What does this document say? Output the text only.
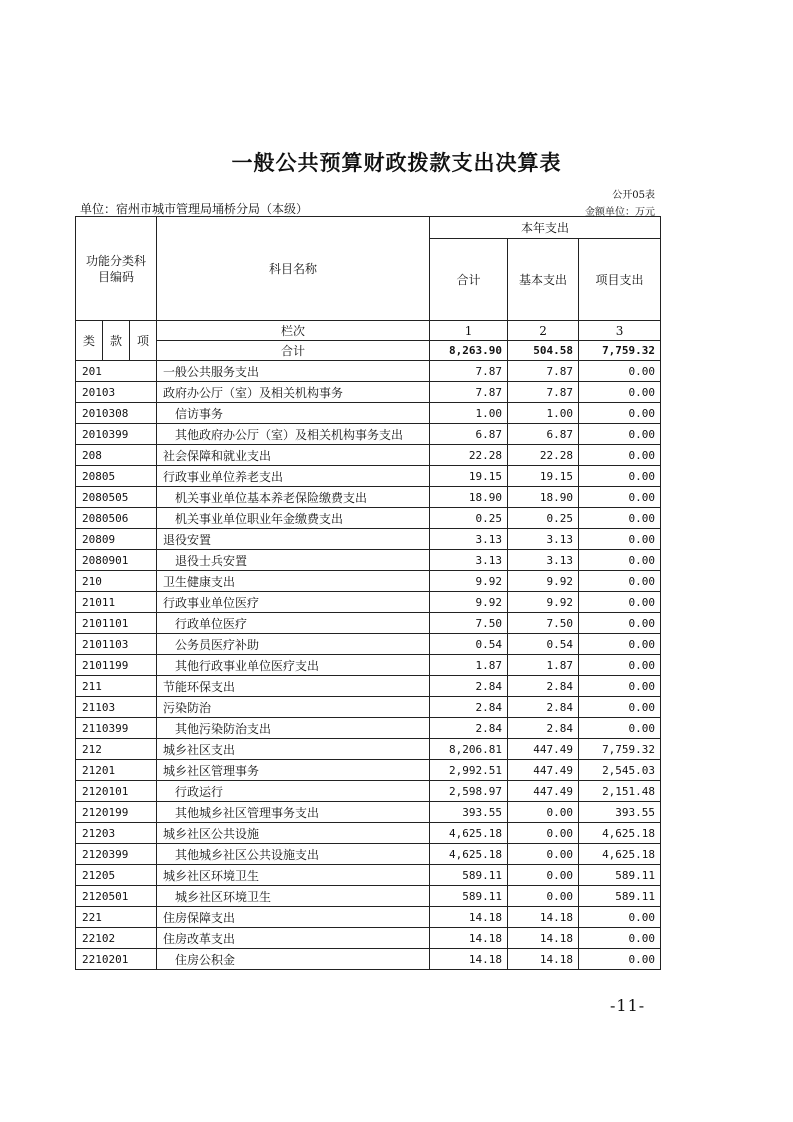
一般公共预算财政拨款支出决算表
公开05表
单位：宿州市城市管理局埇桥分局（本级）	金额单位：万元
功能分类科目编码			科目名称	本年支出		
				合计	基本支出	项目支出
类	款	项	栏次	1	2	3
			合计	8,263.90	504.58	7,759.32
201			一般公共服务支出	7.87	7.87	0.00
20103			政府办公厅（室）及相关机构事务	7.87	7.87	0.00
2010308			信访事务	1.00	1.00	0.00
2010399			其他政府办公厅（室）及相关机构事务支出	6.87	6.87	0.00
208			社会保障和就业支出	22.28	22.28	0.00
20805			行政事业单位养老支出	19.15	19.15	0.00
2080505			机关事业单位基本养老保险缴费支出	18.90	18.90	0.00
2080506			机关事业单位职业年金缴费支出	0.25	0.25	0.00
20809			退役安置	3.13	3.13	0.00
2080901			退役士兵安置	3.13	3.13	0.00
210			卫生健康支出	9.92	9.92	0.00
21011			行政事业单位医疗	9.92	9.92	0.00
2101101			行政单位医疗	7.50	7.50	0.00
2101103			公务员医疗补助	0.54	0.54	0.00
2101199			其他行政事业单位医疗支出	1.87	1.87	0.00
211			节能环保支出	2.84	2.84	0.00
21103			污染防治	2.84	2.84	0.00
2110399			其他污染防治支出	2.84	2.84	0.00
212			城乡社区支出	8,206.81	447.49	7,759.32
21201			城乡社区管理事务	2,992.51	447.49	2,545.03
2120101			行政运行	2,598.97	447.49	2,151.48
2120199			其他城乡社区管理事务支出	393.55	0.00	393.55
21203			城乡社区公共设施	4,625.18	0.00	4,625.18
2120399			其他城乡社区公共设施支出	4,625.18	0.00	4,625.18
21205			城乡社区环境卫生	589.11	0.00	589.11
2120501			城乡社区环境卫生	589.11	0.00	589.11
221			住房保障支出	14.18	14.18	0.00
22102			住房改革支出	14.18	14.18	0.00
2210201			住房公积金	14.18	14.18	0.00
-11-
